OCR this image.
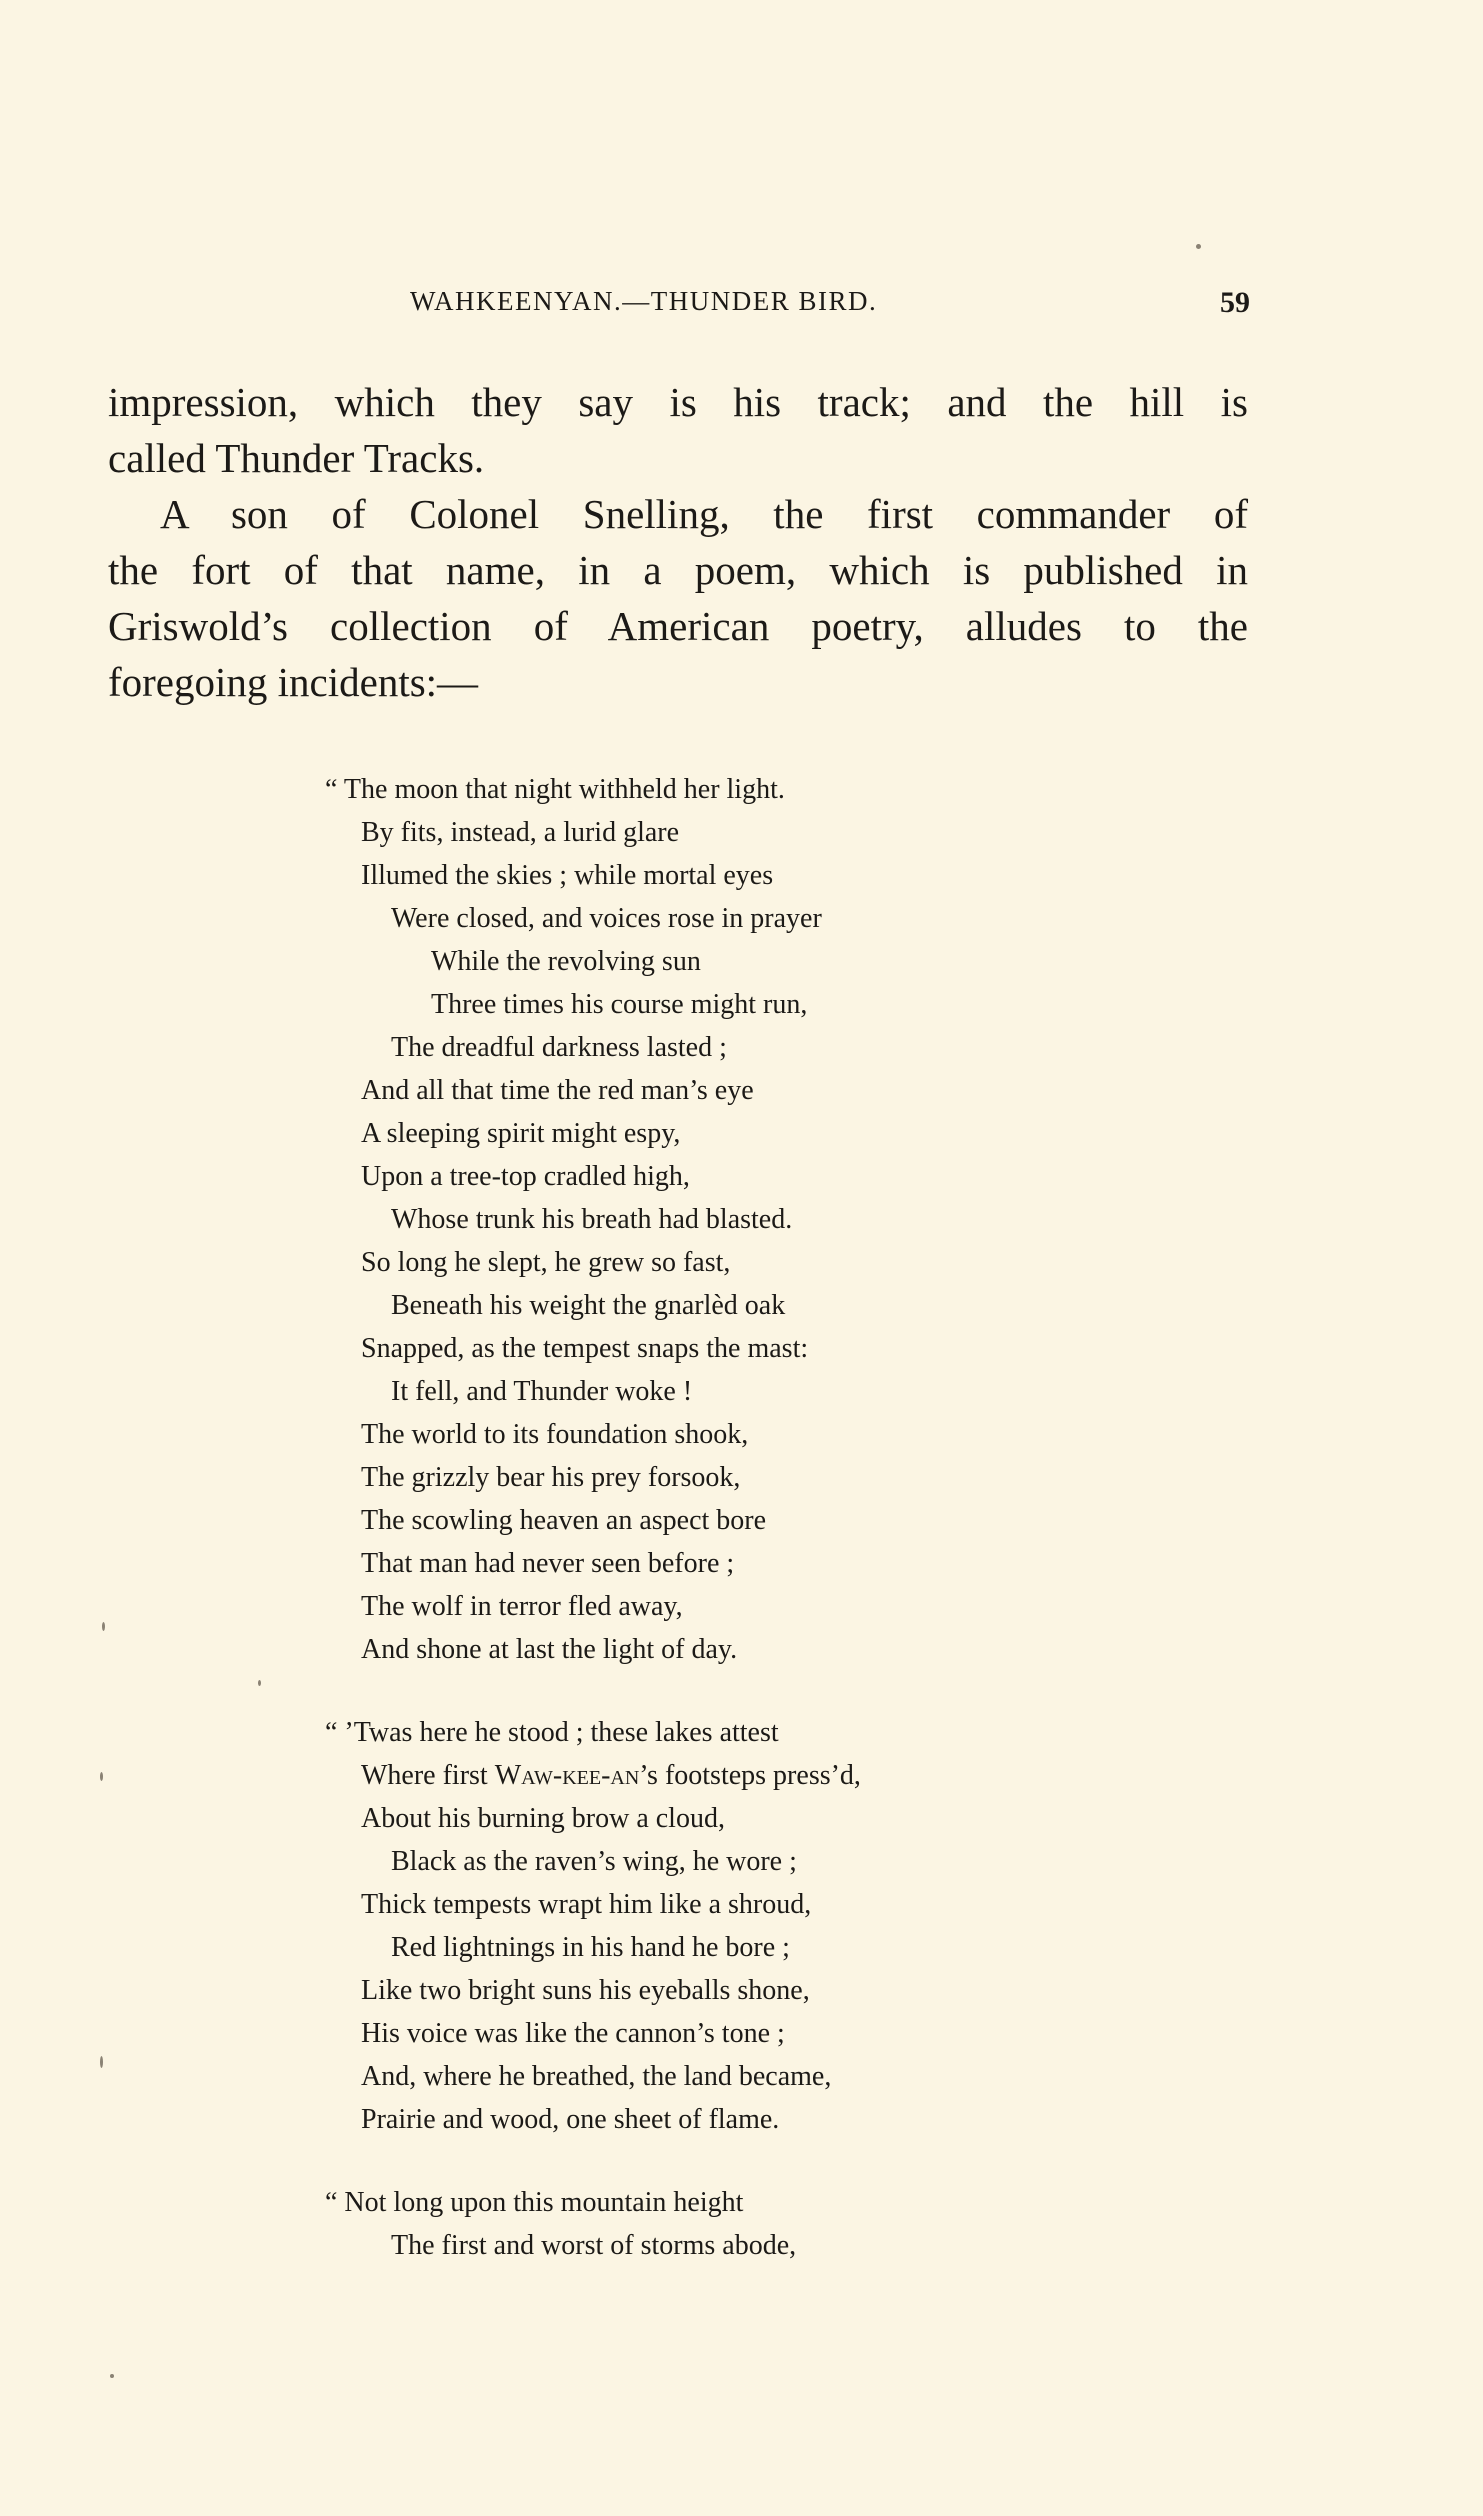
WAHKEENYAN.—THUNDER BIRD.	59
impression, which they say is his track; and the hill is
called Thunder Tracks.
A son of Colonel Snelling, the first commander of
the fort of that name, in a poem, which is published in
Griswold’s collection of American poetry, alludes to the
foregoing incidents:—
“ The moon that night withheld her light.
By fits, instead, a lurid glare
Illumed the skies ; while mortal eyes
Were closed, and voices rose in prayer
While the revolving sun
Three times his course might run,
The dreadful darkness lasted ;
And all that time the red man’s eye
A sleeping spirit might espy,
Upon a tree-top cradled high,
Whose trunk his breath had blasted.
So long he slept, he grew so fast,
Beneath his weight the gnarlèd oak
Snapped, as the tempest snaps the mast:
It fell, and Thunder woke !
The world to its foundation shook,
The grizzly bear his prey forsook,
The scowling heaven an aspect bore
That man had never seen before ;
The wolf in terror fled away,
And shone at last the light of day.
“ ’Twas here he stood ; these lakes attest
Where first Waw-kee-an’s footsteps press’d,
About his burning brow a cloud,
Black as the raven’s wing, he wore ;
Thick tempests wrapt him like a shroud,
Red lightnings in his hand he bore ;
Like two bright suns his eyeballs shone,
His voice was like the cannon’s tone ;
And, where he breathed, the land became,
Prairie and wood, one sheet of flame.
“ Not long upon this mountain height
The first and worst of storms abode,
